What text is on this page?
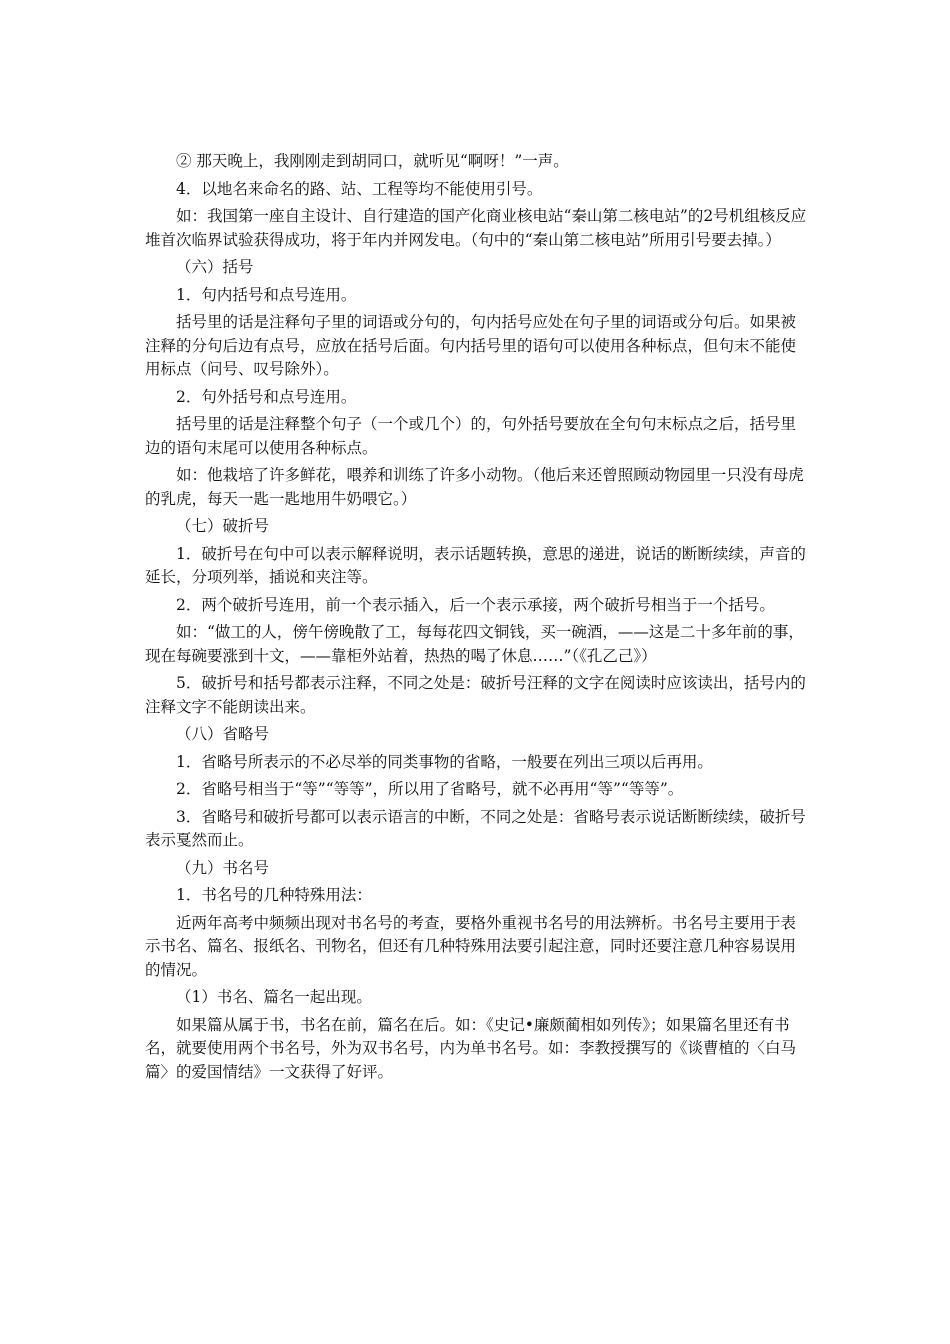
② 那天晚上，我刚刚走到胡同口，就听见“啊呀！”一声。

4．以地名来命名的路、站、工程等均不能使用引号。

如：我国第一座自主设计、自行建造的国产化商业核电站“秦山第二核电站”的2号机组核反应堆首次临界试验获得成功，将于年内并网发电。（句中的“秦山第二核电站”所用引号要去掉。）

（六）括号

1．句内括号和点号连用。

括号里的话是注释句子里的词语或分句的，句内括号应处在句子里的词语或分句后。如果被注释的分句后边有点号，应放在括号后面。句内括号里的语句可以使用各种标点，但句末不能使用标点（问号、叹号除外）。

2．句外括号和点号连用。

括号里的话是注释整个句子（一个或几个）的，句外括号要放在全句句末标点之后，括号里边的语句末尾可以使用各种标点。

如：他栽培了许多鲜花，喂养和训练了许多小动物。（他后来还曾照顾动物园里一只没有母虎的乳虎，每天一匙一匙地用牛奶喂它。）

（七）破折号

1．破折号在句中可以表示解释说明，表示话题转换，意思的递进，说话的断断续续，声音的延长，分项列举，插说和夹注等。

2．两个破折号连用，前一个表示插入，后一个表示承接，两个破折号相当于一个括号。

如：“做工的人，傍午傍晚散了工，每每花四文铜钱，买一碗酒，——这是二十多年前的事，现在每碗要涨到十文，——靠柜外站着，热热的喝了休息……”（《孔乙己》）

5．破折号和括号都表示注释，不同之处是：破折号汪释的文字在阅读时应该读出，括号内的注释文字不能朗读出来。

（八）省略号

1．省略号所表示的不必尽举的同类事物的省略，一般要在列出三项以后再用。

2．省略号相当于“等”“等等”，所以用了省略号，就不必再用“等”“等等”。

3．省略号和破折号都可以表示语言的中断，不同之处是：省略号表示说话断断续续，破折号表示戛然而止。

（九）书名号

1．书名号的几种特殊用法：

近两年高考中频频出现对书名号的考查，要格外重视书名号的用法辨析。书名号主要用于表示书名、篇名、报纸名、刊物名，但还有几种特殊用法要引起注意，同时还要注意几种容易误用的情况。

（1）书名、篇名一起出现。

如果篇从属于书，书名在前，篇名在后。如：《史记•廉颇蔺相如列传》；如果篇名里还有书名，就要使用两个书名号，外为双书名号，内为单书名号。如：李教授撰写的《谈曹植的〈白马篇〉的爱国情结》一文获得了好评。
